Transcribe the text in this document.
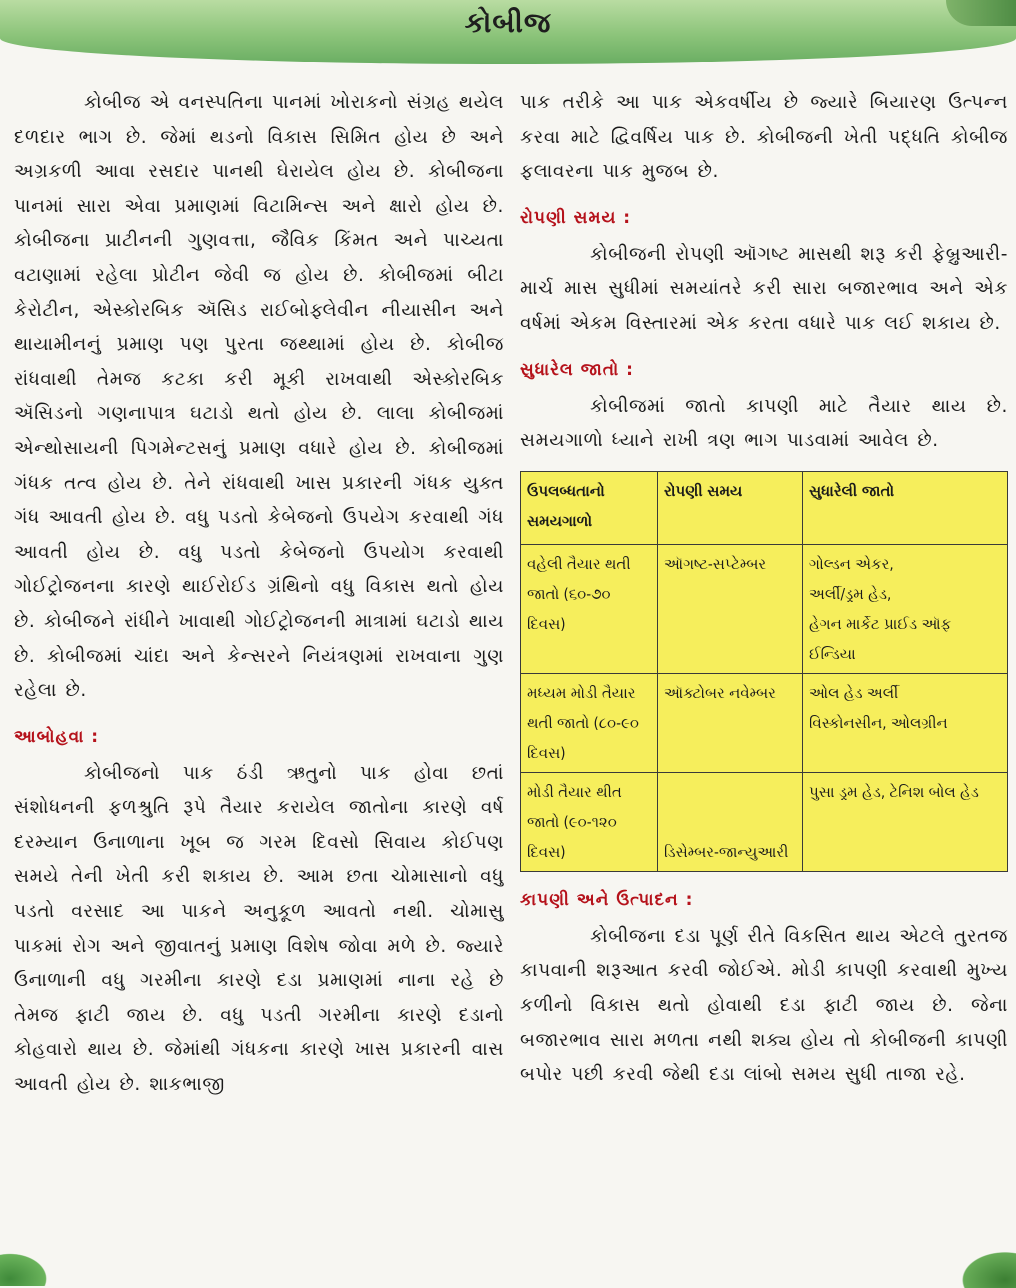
કોબીજ

કોબીજ એ વનસ્પતિના પાનમાં ખોરાકનો સંગ્રહ થયેલ દળદાર ભાગ છે. જેમાં થડનો વિકાસ સિમિત હોય છે અને અગ્રકળી આવા રસદાર પાનથી ઘેરાયેલ હોય છે. કોબીજના પાનમાં સારા એવા પ્રમાણમાં વિટામિન્સ અને ક્ષારો હોય છે. કોબીજના પ્રાટીનની ગુણવત્તા, જૈવિક કિંમત અને પાચ્યતા વટાણામાં રહેલા પ્રોટીન જેવી જ હોય છે. કોબીજમાં બીટા કેરોટીન, એસ્કોરબિક ઍસિડ રાઈબોફ્લેવીન નીયાસીન અને થાયામીનનું પ્રમાણ પણ પુરતા જથ્થામાં હોય છે. કોબીજ રાંધવાથી તેમજ કટકા કરી મૂકી રાખવાથી એસ્કોરબિક ઍસિડનો ગણનાપાત્ર ઘટાડો થતો હોય છે. લાલા કોબીજમાં એન્થોસાયની પિગમેન્ટસનું પ્રમાણ વધારે હોય છે. કોબીજમાં ગંધક તત્વ હોય છે. તેને રાંધવાથી ખાસ પ્રકારની ગંધક યુક્ત ગંધ આવતી હોય છે. વધુ પડતો કેબેજનો ઉપયેગ કરવાથી ગંધ આવતી હોય છે. વધુ પડતો કેબેજનો ઉપયોગ કરવાથી ગોઈટ્રોજનના કારણે થાઈરોઈડ ગ્રંથિનો વધુ વિકાસ થતો હોય છે. કોબીજને રાંધીને ખાવાથી ગોઈટ્રોજનની માત્રામાં ઘટાડો થાય છે. કોબીજમાં ચાંદા અને કેન્સરને નિયંત્રણમાં રાખવાના ગુણ રહેલા છે.

આબોહવા :

કોબીજનો પાક ઠંડી ઋતુનો પાક હોવા છતાં સંશોધનની ફળશ્રુતિ રૂપે તૈયાર કરાયેલ જાતોના કારણે વર્ષ દરમ્યાન ઉનાળાના ખૂબ જ ગરમ દિવસો સિવાય કોઈપણ સમયે તેની ખેતી કરી શકાય છે. આમ છતા ચોમાસાનો વધુ પડતો વરસાદ આ પાકને અનુકૂળ આવતો નથી. ચોમાસુ પાકમાં રોગ અને જીવાતનું પ્રમાણ વિશેષ જોવા મળે છે. જ્યારે ઉનાળાની વધુ ગરમીના કારણે દડા પ્રમાણમાં નાના રહે છે તેમજ ફાટી જાય છે. વધુ પડતી ગરમીના કારણે દડાનો કોહવારો થાય છે. જેમાંથી ગંધકના કારણે ખાસ પ્રકારની વાસ આવતી હોય છે. શાકભાજી

પાક તરીકે આ પાક એકવર્ષીય છે જ્યારે બિયારણ ઉત્પન્ન કરવા માટે દ્વિવર્ષિય પાક છે. કોબીજની ખેતી પદ્ધતિ કોબીજ ફલાવરના પાક મુજબ છે.

રોપણી સમય :

કોબીજની રોપણી ઑગષ્ટ માસથી શરૂ કરી ફેબ્રુઆરી-માર્ચ માસ સુધીમાં સમયાંતરે કરી સારા બજારભાવ અને એક વર્ષમાં એકમ વિસ્તારમાં એક કરતા વધારે પાક લઈ શકાય છે.

સુધારેલ જાતો :

કોબીજમાં જાતો કાપણી માટે તૈયાર થાય છે. સમયગાળો ધ્યાને રાખી ત્રણ ભાગ પાડવામાં આવેલ છે.

ઉપલબ્ધતાનો સમયગાળો	રોપણી સમય	સુધારેલી જાતો
વહેલી તૈયાર થતી જાતો (૬૦-૭૦ દિવસ)	ઑગષ્ટ-સપ્ટેમ્બર	ગોલ્ડન એકર,
અર્લી/ડ્રમ હેડ,
હેગન માર્કેટ પ્રાઈડ ઑફ ઈન્ડિયા

મધ્યમ મોડી તૈયાર થતી જાતો (૮૦-૯૦ દિવસ)	ઑક્ટોબર નવેમ્બર	ઓલ હેડ અર્લી
વિસ્કોનસીન, ઓલગ્રીન

મોડી તૈયાર થીત જાતો (૯૦-૧૨૦ દિવસ)	ડિસેમ્બર-જાન્યુઆરી	પુસા ડ્રમ હેડ, ટેનિશ બોલ હેડ
કાપણી અને ઉત્પાદન :

કોબીજના દડા પૂર્ણ રીતે વિકસિત થાય એટલે તુરતજ કાપવાની શરૂઆત કરવી જોઈએ. મોડી કાપણી કરવાથી મુખ્ય કળીનો વિકાસ થતો હોવાથી દડા ફાટી જાય છે. જેના બજારભાવ સારા મળતા નથી શક્ય હોય તો કોબીજની કાપણી બપોર પછી કરવી જેથી દડા લાંબો સમય સુધી તાજા રહે.
